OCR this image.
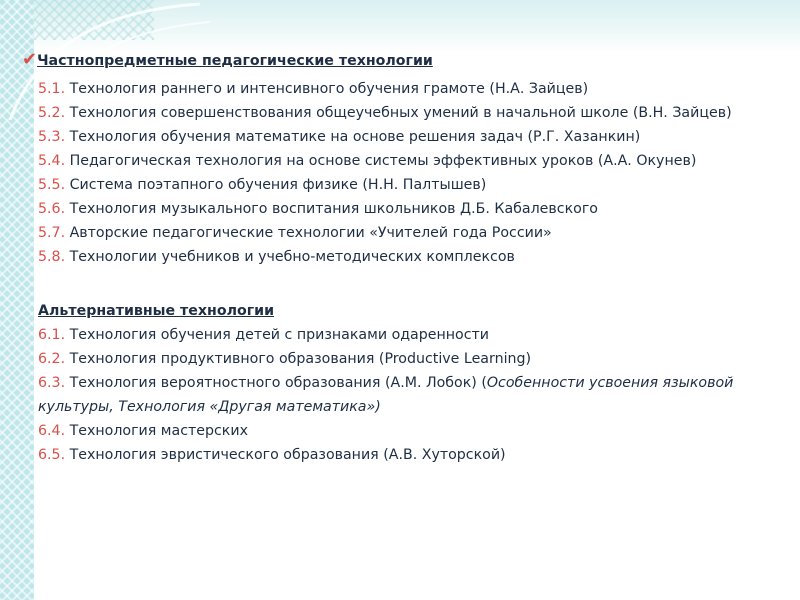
✔Частнопредметные педагогические технологии

5.1. Технология раннего и интенсивного обучения грамоте (Н.А. Зайцев)

5.2. Технология совершенствования общеучебных умений в начальной школе (В.Н. Зайцев)

5.3. Технология обучения математике на основе решения задач (Р.Г. Хазанкин)

5.4. Педагогическая технология на основе системы эффективных уроков (А.А. Окунев)

5.5. Система поэтапного обучения физике (Н.Н. Палтышев)

5.6. Технология музыкального воспитания школьников Д.Б. Кабалевского

5.7. Авторские педагогические технологии «Учителей года России»

5.8. Технологии учебников и учебно-методических комплексов

Альтернативные технологии

6.1. Технология обучения детей с признаками одаренности

6.2. Технология продуктивного образования (Productive Learning)

6.3. Технология вероятностного образования (А.М. Лобок) (Особенности усвоения языковой культуры, Технология «Другая математика»)

6.4. Технология мастерских

6.5. Технология эвристического образования (А.В. Хуторской)
